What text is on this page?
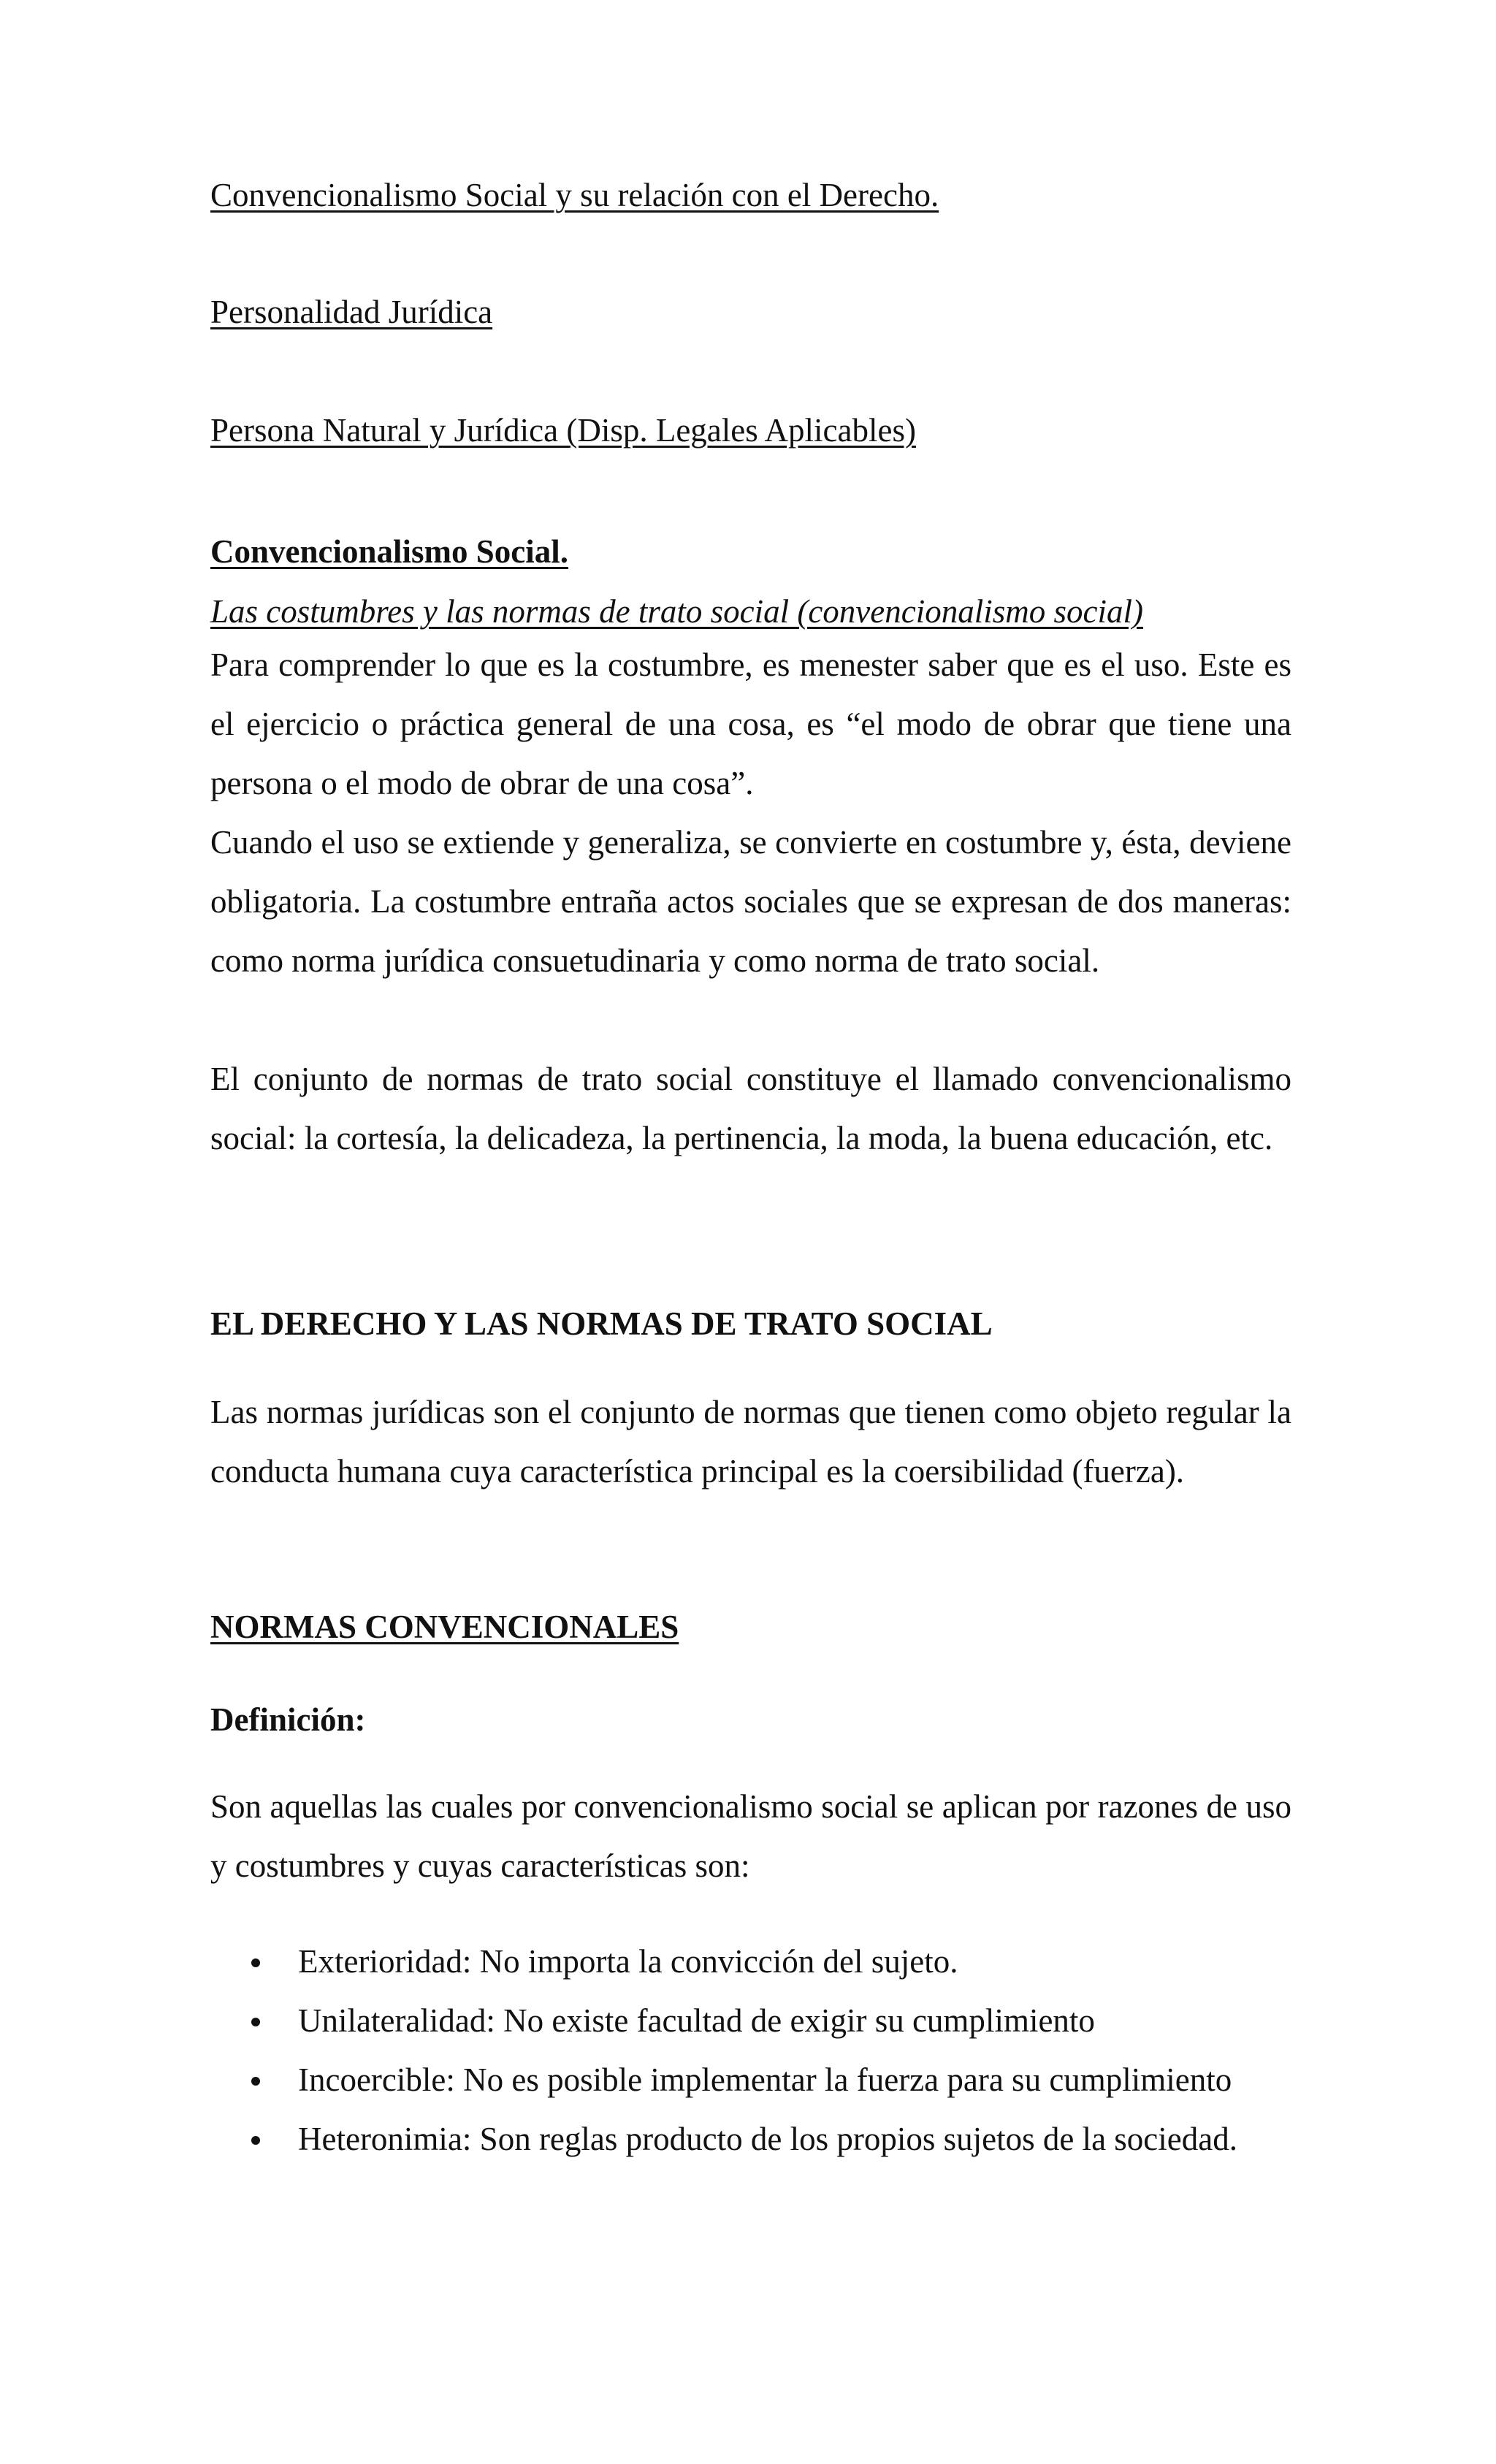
Convencionalismo Social y su relación con el Derecho.

Personalidad Jurídica

Persona Natural y Jurídica (Disp. Legales Aplicables)

Convencionalismo Social.

Las costumbres y las normas de trato social (convencionalismo social)

Para comprender lo que es la costumbre, es menester saber que es el uso. Este es el ejercicio o práctica general de una cosa, es “el modo de obrar que tiene una persona o el modo de obrar de una cosa”.

Cuando el uso se extiende y generaliza, se convierte en costumbre y, ésta, deviene obligatoria. La costumbre entraña actos sociales que se expresan de dos maneras: como norma jurídica consuetudinaria y como norma de trato social.

El conjunto de normas de trato social constituye el llamado convencionalismo social: la cortesía, la delicadeza, la pertinencia, la moda, la buena educación, etc.

EL DERECHO Y LAS NORMAS DE TRATO SOCIAL

Las normas jurídicas son el conjunto de normas que tienen como objeto regular la conducta humana cuya característica principal es la coersibilidad (fuerza).

NORMAS CONVENCIONALES

Definición:

Son aquellas las cuales por convencionalismo social se aplican por razones de uso y costumbres y cuyas características son:

Exterioridad: No importa la convicción del sujeto.
Unilateralidad: No existe facultad de exigir su cumplimiento
Incoercible: No es posible implementar la fuerza para su cumplimiento
Heteronimia: Son reglas producto de los propios sujetos de la sociedad.
